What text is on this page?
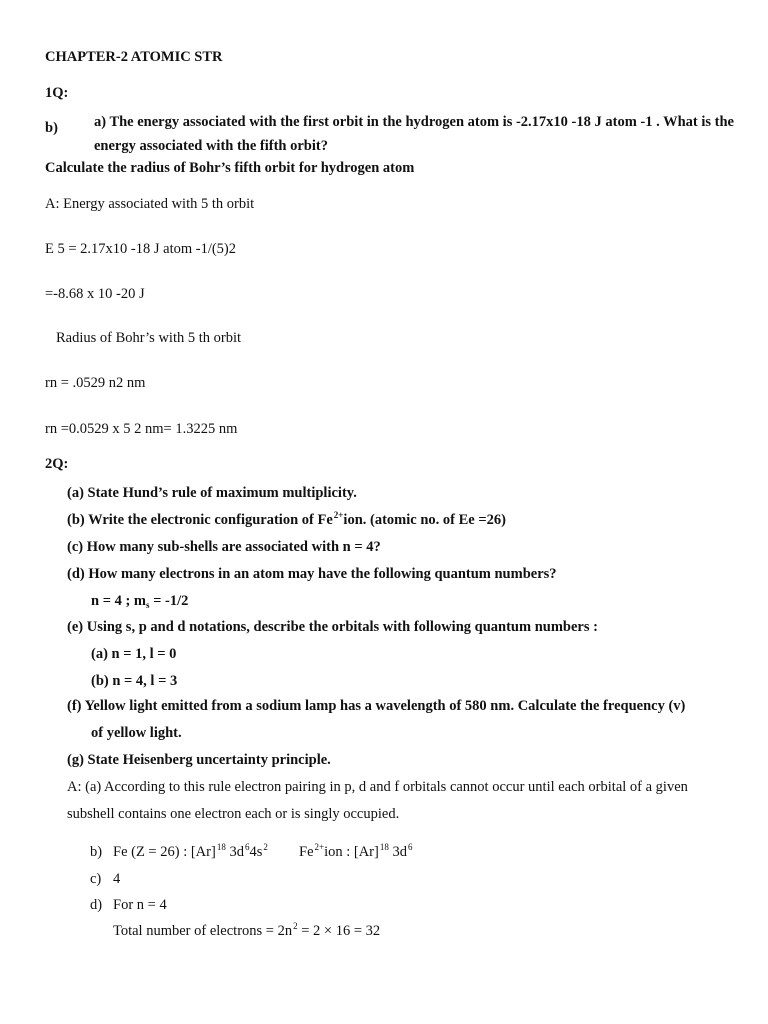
CHAPTER-2 ATOMIC STR
1Q:
b) a) The energy associated with the first orbit in the hydrogen atom is -2.17x10 -18 J atom -1 . What is the
energy associated with the fifth orbit?
Calculate the radius of Bohr’s fifth orbit for hydrogen atom
A: Energy associated with 5 th orbit
E 5 = 2.17x10 -18 J atom -1/(5)2
=-8.68 x 10 -20 J
Radius of Bohr’s with 5 th orbit
rn = .0529 n2 nm
rn =0.0529 x 5 2 nm= 1.3225 nm
2Q:
(a) State Hund’s rule of maximum multiplicity.
(b) Write the electronic configuration of $Fe^{2+}ion$. (atomic no. of Ee =26)
(c) How many sub-shells are associated with n = 4?
(d) How many electrons in an atom may have the following quantum numbers?
n = 4 ; $m_s = -1/2$
(e) Using s, p and d notations, describe the orbitals with following quantum numbers :
(a) n = 1, l = 0
(b) n = 4, l = 3
(f) Yellow light emitted from a sodium lamp has a wavelength of 580 nm. Calculate the frequency (v)
of yellow light.
(g) State Heisenberg uncertainty principle.
A: (a) According to this rule electron pairing in p, d and f orbitals cannot occur until each orbital of a given
subshell contains one electron each or is singly occupied.
b) Fe (Z = 26) : $[Ar]^{18}$ $3d^64s^2$ $Fe^{2+}ion$ : $[Ar]^{18}$ $3d^6$
c) 4
d) For n = 4
Total number of electrons = $2n^2 = 2 \times 16 = 32$
